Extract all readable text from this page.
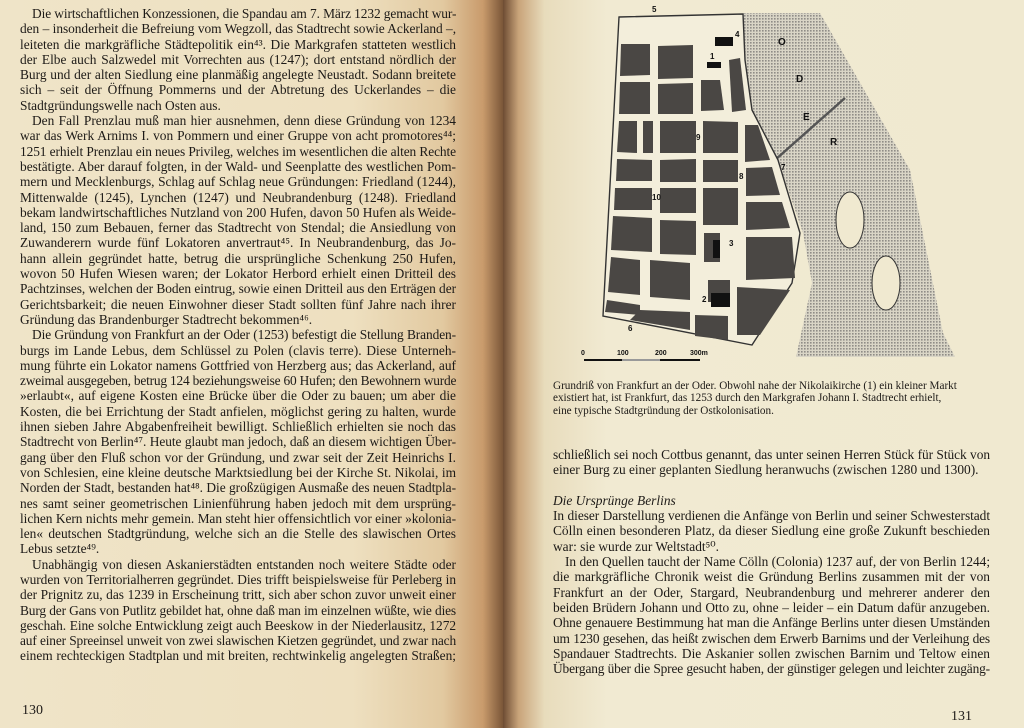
Die wirtschaftlichen Konzessionen, die Spandau am 7. März 1232 gemacht wur-
den – insonderheit die Befreiung vom Wegzoll, das Stadtrecht sowie Ackerland –,
leiteten die markgräfliche Städtepolitik ein⁴³. Die Markgrafen statteten westlich
der Elbe auch Salzwedel mit Vorrechten aus (1247); dort entstand nördlich der
Burg und der alten Siedlung eine planmäßig angelegte Neustadt. Sodann breitete
sich – seit der Öffnung Pommerns und der Abtretung des Uckerlandes – die
Stadtgründungswelle nach Osten aus.
Den Fall Prenzlau muß man hier ausnehmen, denn diese Gründung von 1234
war das Werk Arnims I. von Pommern und einer Gruppe von acht promotores⁴⁴;
1251 erhielt Prenzlau ein neues Privileg, welches im wesentlichen die alten Rechte
bestätigte. Aber darauf folgten, in der Wald- und Seenplatte des westlichen Pom-
mern und Mecklenburgs, Schlag auf Schlag neue Gründungen: Friedland (1244),
Mittenwalde (1245), Lynchen (1247) und Neubrandenburg (1248). Friedland
bekam landwirtschaftliches Nutzland von 200 Hufen, davon 50 Hufen als Weide-
land, 150 zum Bebauen, ferner das Stadtrecht von Stendal; die Ansiedlung von
Zuwanderern wurde fünf Lokatoren anvertraut⁴⁵. In Neubrandenburg, das Jo-
hann allein gegründet hatte, betrug die ursprüngliche Schenkung 250 Hufen,
wovon 50 Hufen Wiesen waren; der Lokator Herbord erhielt einen Dritteil des
Pachtzinses, welchen der Boden eintrug, sowie einen Dritteil aus den Erträgen der
Gerichtsbarkeit; die neuen Einwohner dieser Stadt sollten fünf Jahre nach ihrer
Gründung das Brandenburger Stadtrecht bekommen⁴⁶.
Die Gründung von Frankfurt an der Oder (1253) befestigt die Stellung Branden-
burgs im Lande Lebus, dem Schlüssel zu Polen (clavis terre). Diese Unterneh-
mung führte ein Lokator namens Gottfried von Herzberg aus; das Ackerland, auf
zweimal ausgegeben, betrug 124 beziehungsweise 60 Hufen; den Bewohnern wurde
»erlaubt«, auf eigene Kosten eine Brücke über die Oder zu bauen; um aber die
Kosten, die bei Errichtung der Stadt anfielen, möglichst gering zu halten, wurde
ihnen sieben Jahre Abgabenfreiheit bewilligt. Schließlich erhielten sie noch das
Stadtrecht von Berlin⁴⁷. Heute glaubt man jedoch, daß an diesem wichtigen Über-
gang über den Fluß schon vor der Gründung, und zwar seit der Zeit Heinrichs I.
von Schlesien, eine kleine deutsche Marktsiedlung bei der Kirche St. Nikolai, im
Norden der Stadt, bestanden hat⁴⁸. Die großzügigen Ausmaße des neuen Stadtpla-
nes samt seiner geometrischen Linienführung haben jedoch mit dem ursprüng-
lichen Kern nichts mehr gemein. Man steht hier offensichtlich vor einer »kolonia-
len« deutschen Stadtgründung, welche sich an die Stelle des slawischen Ortes
Lebus setzte⁴⁹.
Unabhängig von diesen Askanierstädten entstanden noch weitere Städte oder
wurden von Territorialherren gegründet. Dies trifft beispielsweise für Perleberg in
der Prignitz zu, das 1239 in Erscheinung tritt, sich aber schon zuvor unweit einer
Burg der Gans von Putlitz gebildet hat, ohne daß man im einzelnen wüßte, wie dies
geschah. Eine solche Entwicklung zeigt auch Beeskow in der Niederlausitz, 1272
auf einer Spreeinsel unweit von zwei slawischen Kietzen gegründet, und zwar nach
einem rechteckigen Stadtplan und mit breiten, rechtwinkelig angelegten Straßen;
130
5
4
1
2
3
6
7
8
9
10
O
D
E
R
0	100	200	300m
Grundriß von Frankfurt an der Oder. Obwohl nahe der Nikolaikirche (1) ein kleiner Markt
existiert hat, ist Frankfurt, das 1253 durch den Markgrafen Johann I. Stadtrecht erhielt,
eine typische Stadtgründung der Ostkolonisation.
schließlich sei noch Cottbus genannt, das unter seinen Herren Stück für Stück von
einer Burg zu einer geplanten Siedlung heranwuchs (zwischen 1280 und 1300).
Die Ursprünge Berlins
In dieser Darstellung verdienen die Anfänge von Berlin und seiner Schwesterstadt
Cölln einen besonderen Platz, da dieser Siedlung eine große Zukunft beschieden
war: sie wurde zur Weltstadt⁵⁰.
In den Quellen taucht der Name Cölln (Colonia) 1237 auf, der von Berlin 1244;
die markgräfliche Chronik weist die Gründung Berlins zusammen mit der von
Frankfurt an der Oder, Stargard, Neubrandenburg und mehrerer anderer den
beiden Brüdern Johann und Otto zu, ohne – leider – ein Datum dafür anzugeben.
Ohne genauere Bestimmung hat man die Anfänge Berlins unter diesen Umständen
um 1230 gesehen, das heißt zwischen dem Erwerb Barnims und der Verleihung des
Spandauer Stadtrechts. Die Askanier sollen zwischen Barnim und Teltow einen
Übergang über die Spree gesucht haben, der günstiger gelegen und leichter zugäng-
131
